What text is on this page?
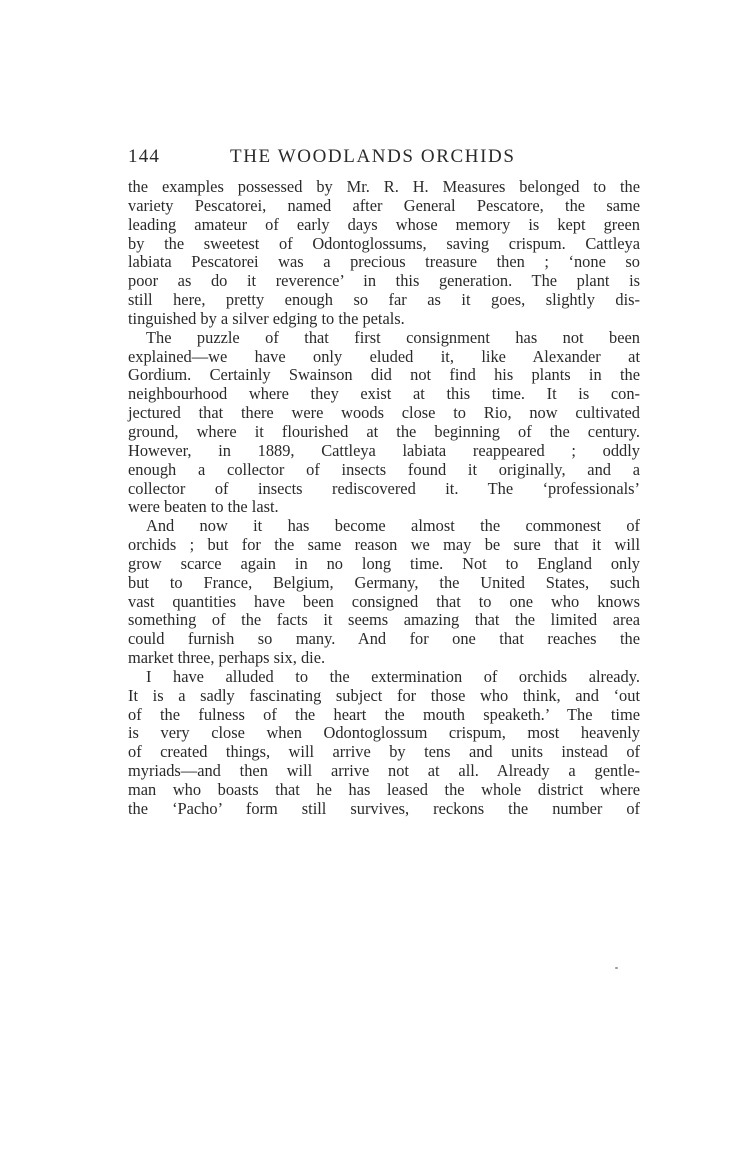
144	THE WOODLANDS ORCHIDS
the examples possessed by Mr. R. H. Measures belonged to the
variety Pescatorei, named after General Pescatore, the same
leading amateur of early days whose memory is kept green
by the sweetest of Odontoglossums, saving crispum. Cattleya
labiata Pescatorei was a precious treasure then ; ‘none so
poor as do it reverence’ in this generation. The plant is
still here, pretty enough so far as it goes, slightly dis-
tinguished by a silver edging to the petals.
The puzzle of that first consignment has not been
explained—we have only eluded it, like Alexander at
Gordium. Certainly Swainson did not find his plants in the
neighbourhood where they exist at this time. It is con-
jectured that there were woods close to Rio, now cultivated
ground, where it flourished at the beginning of the century.
However, in 1889, Cattleya labiata reappeared ; oddly
enough a collector of insects found it originally, and a
collector of insects rediscovered it. The ‘professionals’
were beaten to the last.
And now it has become almost the commonest of
orchids ; but for the same reason we may be sure that it will
grow scarce again in no long time. Not to England only
but to France, Belgium, Germany, the United States, such
vast quantities have been consigned that to one who knows
something of the facts it seems amazing that the limited area
could furnish so many. And for one that reaches the
market three, perhaps six, die.
I have alluded to the extermination of orchids already.
It is a sadly fascinating subject for those who think, and ‘out
of the fulness of the heart the mouth speaketh.’ The time
is very close when Odontoglossum crispum, most heavenly
of created things, will arrive by tens and units instead of
myriads—and then will arrive not at all. Already a gentle-
man who boasts that he has leased the whole district where
the ‘Pacho’ form still survives, reckons the number of
